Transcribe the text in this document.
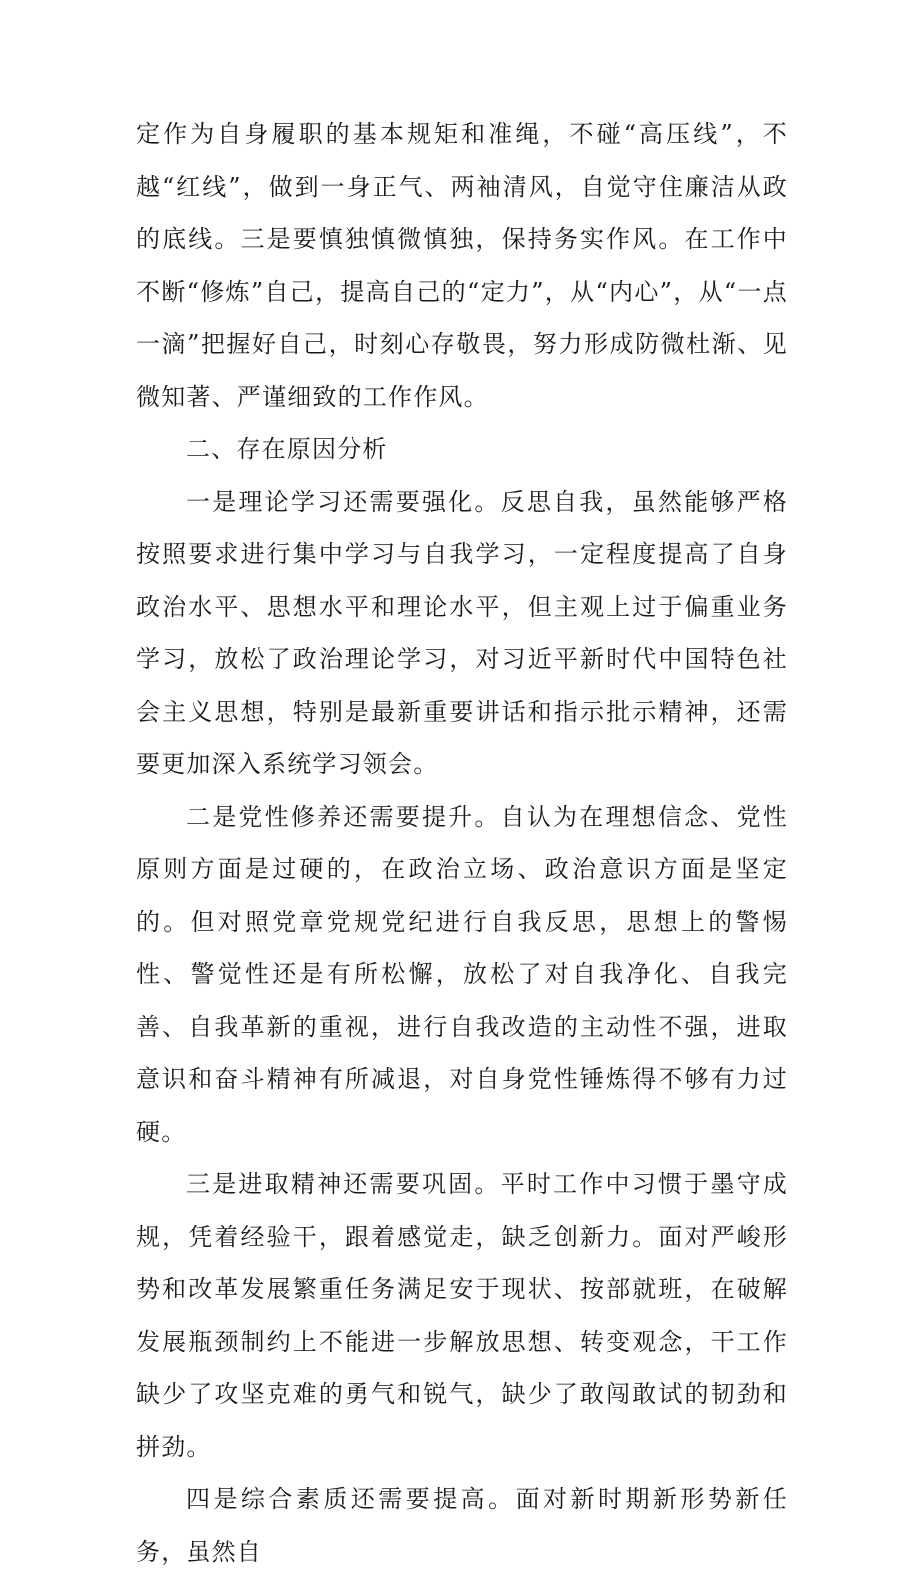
定作为自身履职的基本规矩和准绳，不碰“高压线”，不越“红线”，做到一身正气、两袖清风，自觉守住廉洁从政的底线。三是要慎独慎微慎独，保持务实作风。在工作中不断“修炼”自己，提高自己的“定力”，从“内心”，从“一点一滴”把握好自己，时刻心存敬畏，努力形成防微杜渐、见微知著、严谨细致的工作作风。

二、存在原因分析

一是理论学习还需要强化。反思自我，虽然能够严格按照要求进行集中学习与自我学习，一定程度提高了自身政治水平、思想水平和理论水平，但主观上过于偏重业务学习，放松了政治理论学习，对习近平新时代中国特色社会主义思想，特别是最新重要讲话和指示批示精神，还需要更加深入系统学习领会。

二是党性修养还需要提升。自认为在理想信念、党性原则方面是过硬的，在政治立场、政治意识方面是坚定的。但对照党章党规党纪进行自我反思，思想上的警惕性、警觉性还是有所松懈，放松了对自我净化、自我完善、自我革新的重视，进行自我改造的主动性不强，进取意识和奋斗精神有所减退，对自身党性锤炼得不够有力过硬。

三是进取精神还需要巩固。平时工作中习惯于墨守成规，凭着经验干，跟着感觉走，缺乏创新力。面对严峻形势和改革发展繁重任务满足安于现状、按部就班，在破解发展瓶颈制约上不能进一步解放思想、转变观念，干工作缺少了攻坚克难的勇气和锐气，缺少了敢闯敢试的韧劲和拼劲。

四是综合素质还需要提高。面对新时期新形势新任务，虽然自
